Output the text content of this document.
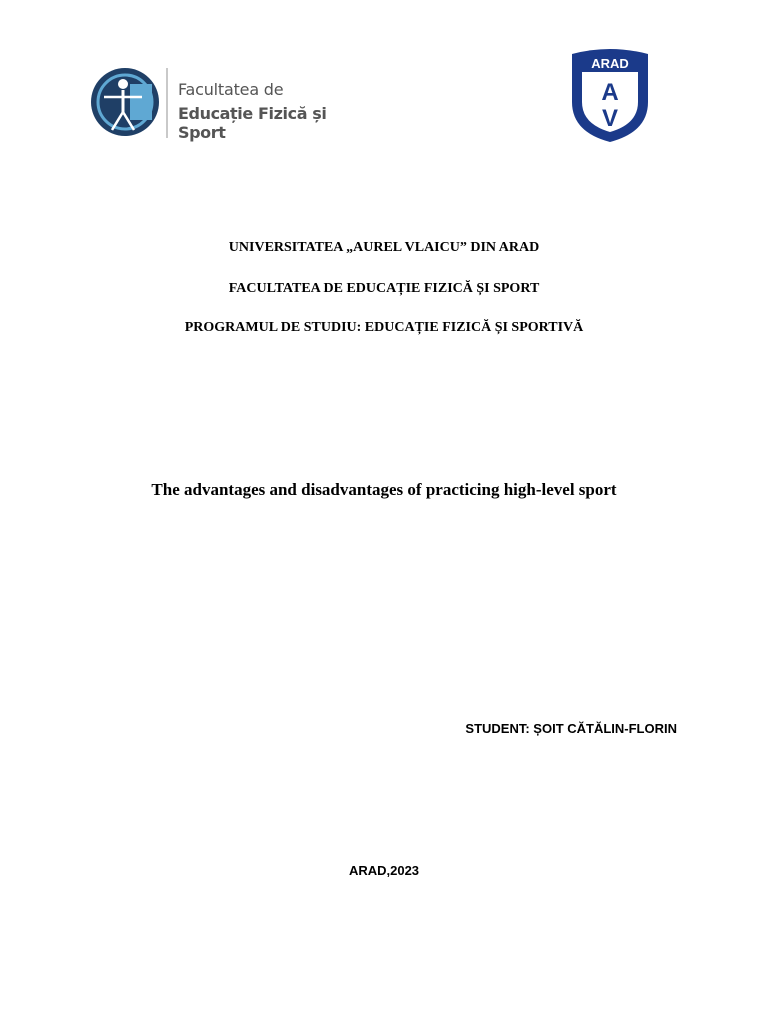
Facultatea de
Educație Fizică și Sport
ARAD
A
V
UNIVERSITATEA „AUREL VLAICU” DIN ARAD
FACULTATEA DE EDUCAȚIE FIZICĂ ȘI SPORT
PROGRAMUL DE STUDIU: EDUCAȚIE FIZICĂ ȘI SPORTIVĂ
The advantages and disadvantages of practicing high-level sport
STUDENT: ȘOIT CĂTĂLIN-FLORIN
ARAD,2023
